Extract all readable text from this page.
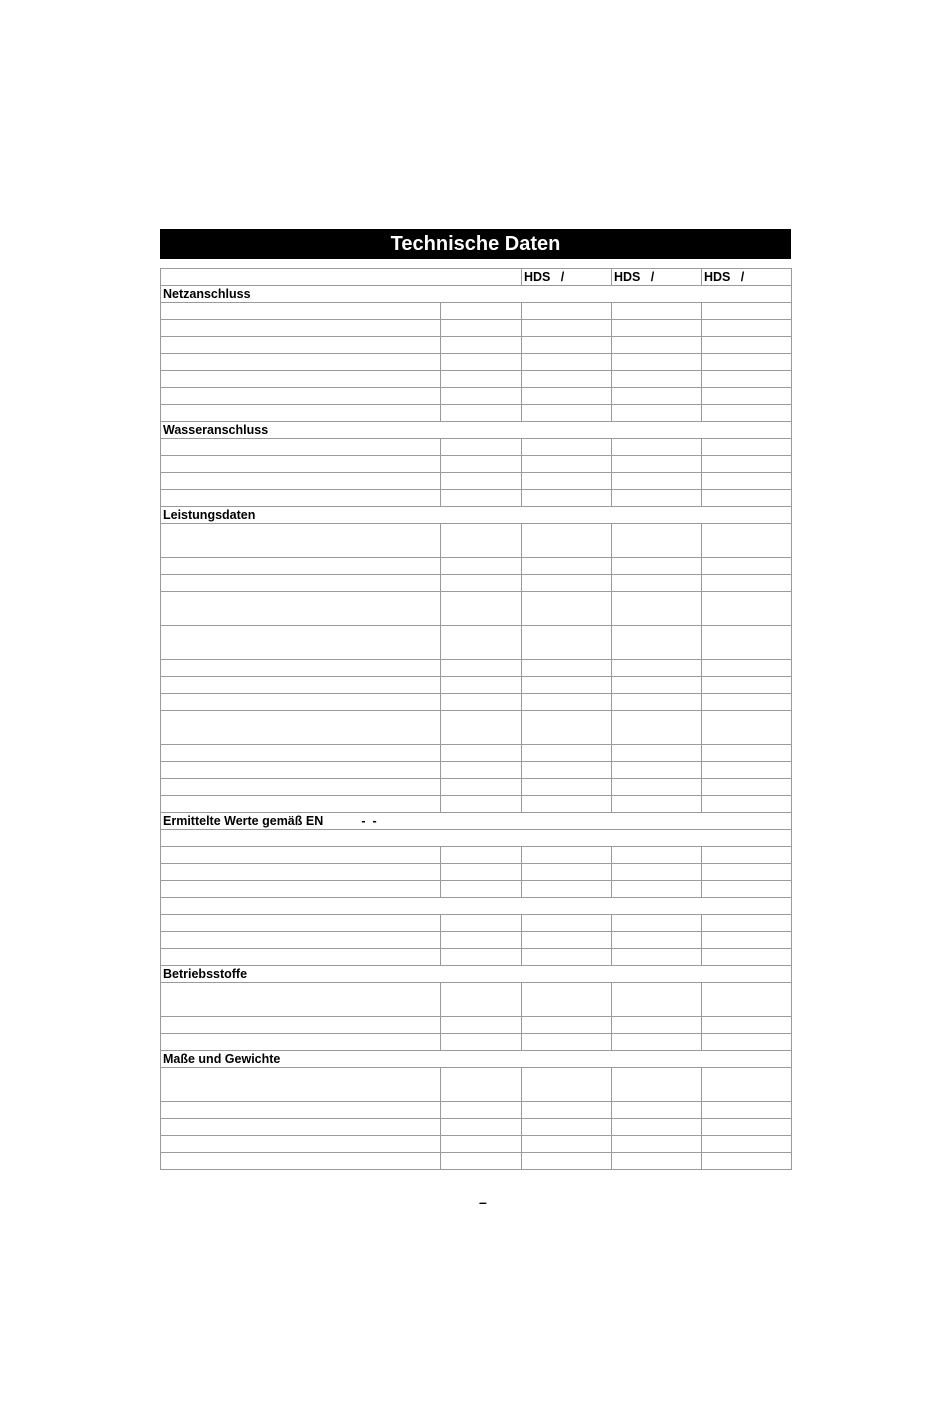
Technische Daten
		HDS   /	HDS   /	HDS   /
Netzanschluss				

Wasseranschluss				

Leistungsdaten				

Ermittelte Werte gemäß EN           -  -				

Betriebsstoffe				

Maße und Gewichte				

–
